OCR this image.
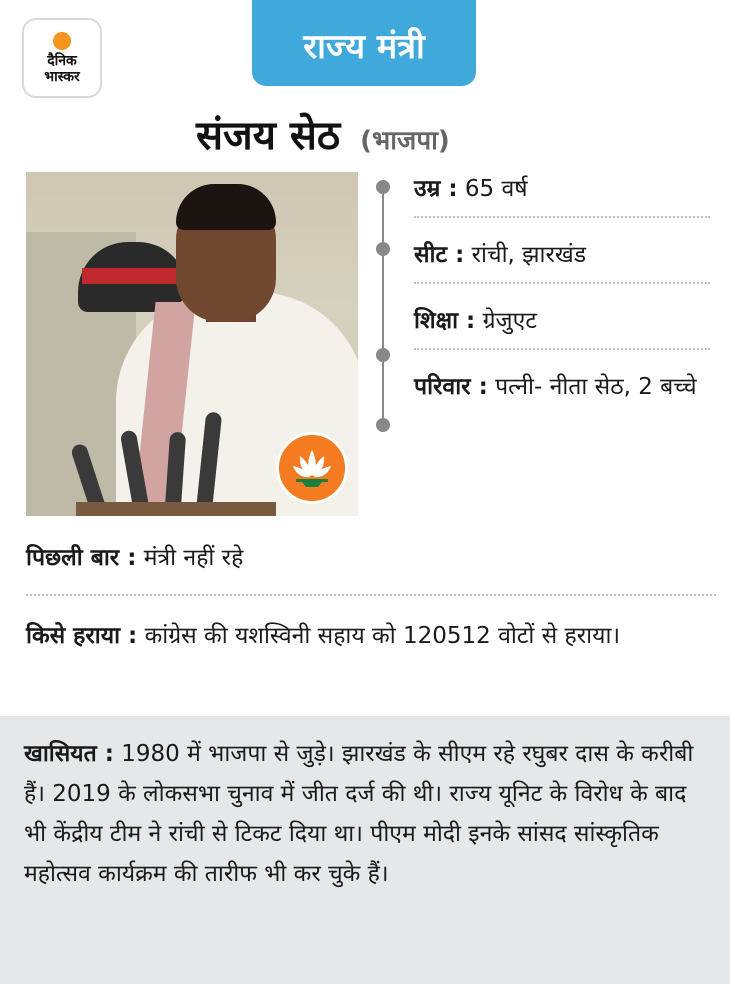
दैनिक
भास्कर
राज्य मंत्री
संजय सेठ (भाजपा)
उम्र : 65 वर्ष
सीट : रांची, झारखंड
शिक्षा : ग्रेजुएट
परिवार : पत्नी- नीता सेठ, 2 बच्चे
पिछली बार : मंत्री नहीं रहे
किसे हराया : कांग्रेस की यशस्विनी सहाय को 120512 वोटों से हराया।
खासियत : 1980 में भाजपा से जुड़े। झारखंड के सीएम रहे रघुबर दास के करीबी हैं। 2019 के लोकसभा चुनाव में जीत दर्ज की थी। राज्य यूनिट के विरोध के बाद भी केंद्रीय टीम ने रांची से टिकट दिया था। पीएम मोदी इनके सांसद सांस्कृतिक महोत्सव कार्यक्रम की तारीफ भी कर चुके हैं।
